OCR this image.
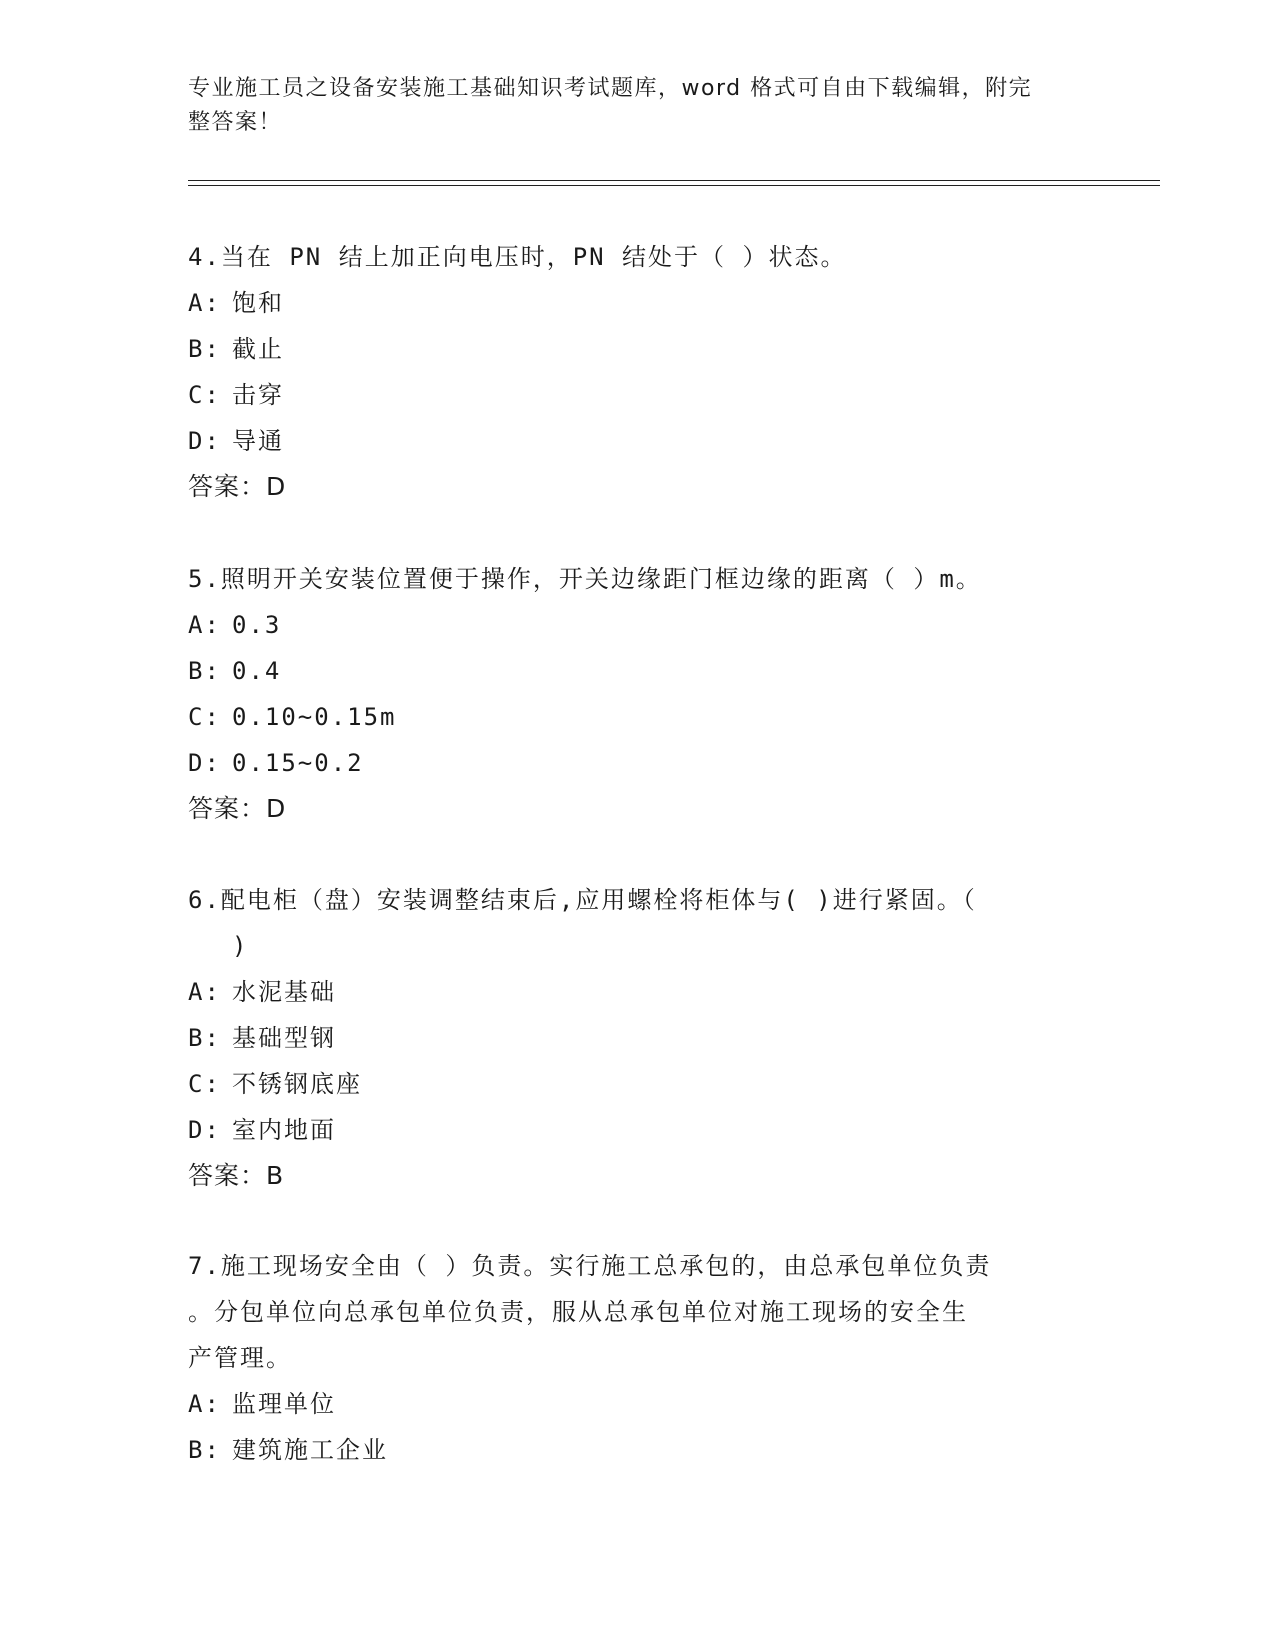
专业施工员之设备安装施工基础知识考试题库，word 格式可自由下载编辑，附完
整答案！

4.当在 PN 结上加正向电压时，PN 结处于（ ）状态。

A: 饱和
B: 截止
C: 击穿
D: 导通
答案：D

5.照明开关安装位置便于操作，开关边缘距门框边缘的距离（ ）m。

A: 0.3
B: 0.4
C: 0.10~0.15m
D: 0.15~0.2
答案：D

6.配电柜（盘）安装调整结束后,应用螺栓将柜体与( )进行紧固。（

)

A: 水泥基础
B: 基础型钢
C: 不锈钢底座
D: 室内地面
答案：B

7.施工现场安全由（ ）负责。实行施工总承包的，由总承包单位负责

。分包单位向总承包单位负责，服从总承包单位对施工现场的安全生

产管理。

A: 监理单位
B: 建筑施工企业
